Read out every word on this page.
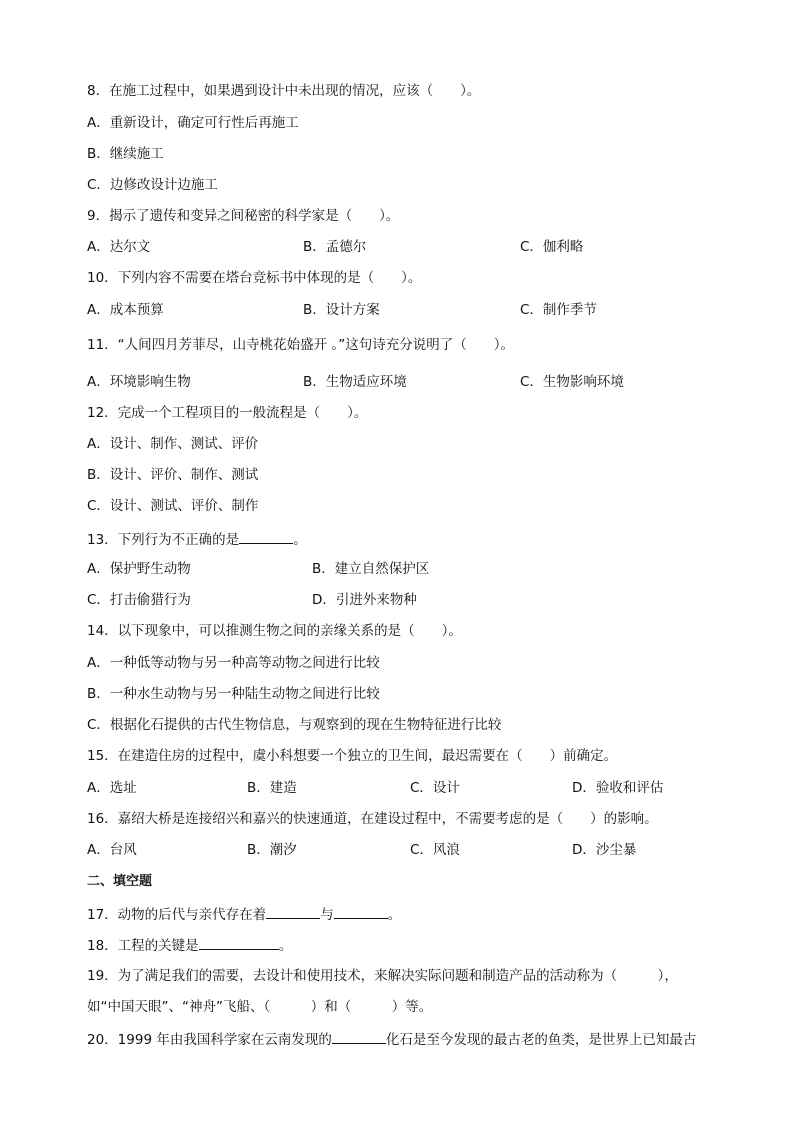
8．在施工过程中，如果遇到设计中未出现的情况，应该（　　）。
A．重新设计，确定可行性后再施工
B．继续施工
C．边修改设计边施工
9．揭示了遗传和变异之间秘密的科学家是（　　）。
A．达尔文	B．孟德尔	C．伽利略
10．下列内容不需要在塔台竞标书中体现的是（　　）。
A．成本预算	B．设计方案	C．制作季节
11．“人间四月芳菲尽，山寺桃花始盛开 。”这句诗充分说明了（　　）。
A．环境影响生物	B．生物适应环境	C．生物影响环境
12．完成一个工程项目的一般流程是（　　）。
A．设计、制作、测试、评价
B．设计、评价、制作、测试
C．设计、测试、评价、制作
13．下列行为不正确的是	。
A．保护野生动物	B．建立自然保护区
C．打击偷猎行为	D．引进外来物种
14．以下现象中，可以推测生物之间的亲缘关系的是（　　）。
A．一种低等动物与另一种高等动物之间进行比较
B．一种水生动物与另一种陆生动物之间进行比较
C．根据化石提供的古代生物信息，与观察到的现在生物特征进行比较
15．在建造住房的过程中，虞小科想要一个独立的卫生间，最迟需要在（　　）前确定。
A．选址	B．建造	C．设计	D．验收和评估
16．嘉绍大桥是连接绍兴和嘉兴的快速通道，在建设过程中，不需要考虑的是（　　）的影响。
A．台风	B．潮汐	C．风浪	D．沙尘暴
二、填空题
17．动物的后代与亲代存在着	与	。
18．工程的关键是	。
19．为了满足我们的需要，去设计和使用技术，来解决实际问题和制造产品的活动称为（　　　），
如“中国天眼”、“神舟”飞船、（　　　）和（　　　）等。
20．1999 年由我国科学家在云南发现的	化石是至今发现的最古老的鱼类，是世界上已知最古
